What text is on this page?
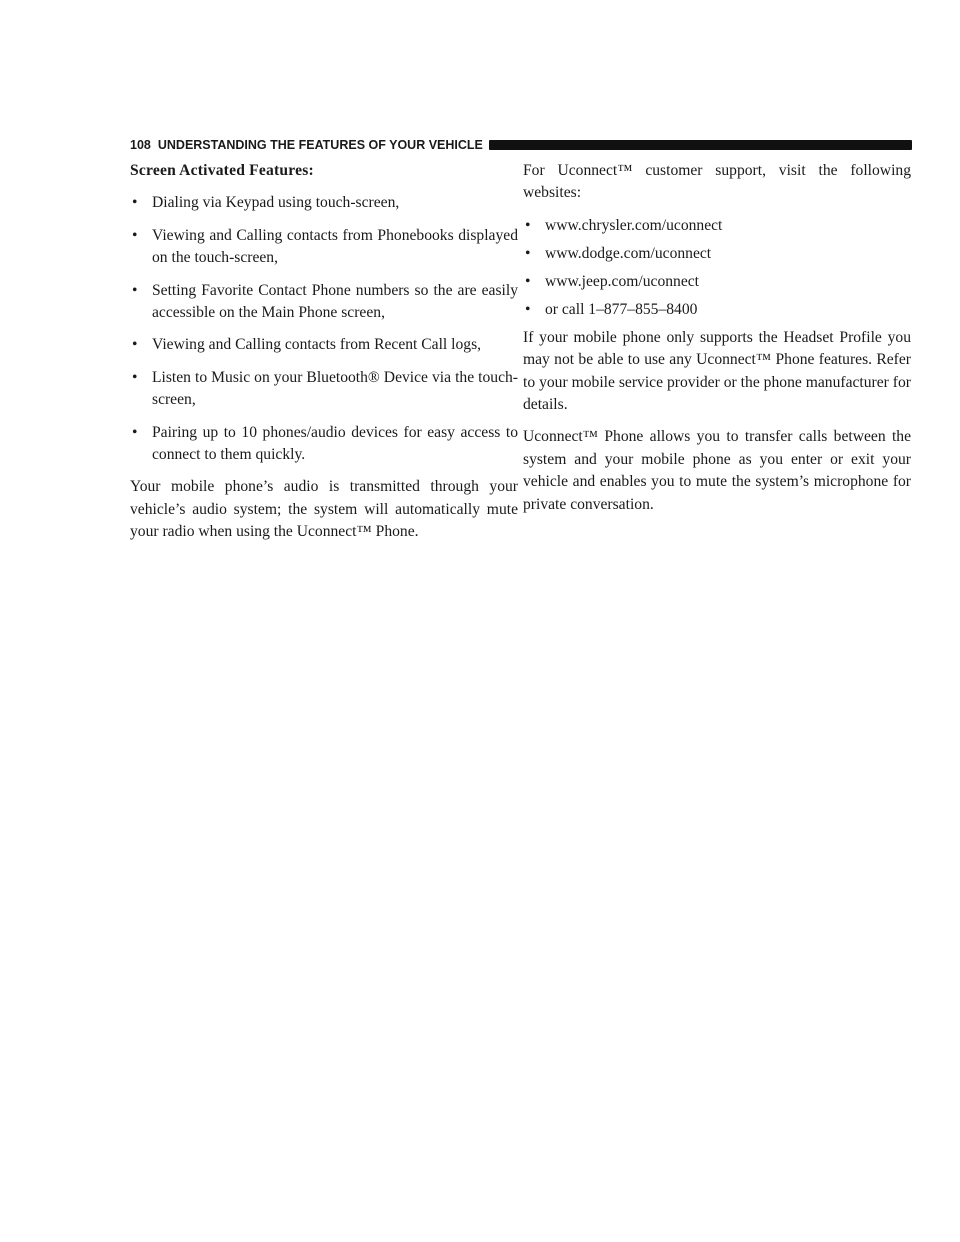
108 UNDERSTANDING THE FEATURES OF YOUR VEHICLE

Screen Activated Features:

• Dialing via Keypad using touch-screen,
• Viewing and Calling contacts from Phonebooks displayed on the touch-screen,
• Setting Favorite Contact Phone numbers so the are easily accessible on the Main Phone screen,
• Viewing and Calling contacts from Recent Call logs,
• Listen to Music on your Bluetooth® Device via the touch-screen,
• Pairing up to 10 phones/audio devices for easy access to connect to them quickly.

Your mobile phone’s audio is transmitted through your vehicle’s audio system; the system will automatically mute your radio when using the Uconnect™ Phone.

For Uconnect™ customer support, visit the following websites:

• www.chrysler.com/uconnect
• www.dodge.com/uconnect
• www.jeep.com/uconnect
• or call 1–877–855–8400

If your mobile phone only supports the Headset Profile you may not be able to use any Uconnect™ Phone features. Refer to your mobile service provider or the phone manufacturer for details.

Uconnect™ Phone allows you to transfer calls between the system and your mobile phone as you enter or exit your vehicle and enables you to mute the system’s microphone for private conversation.
